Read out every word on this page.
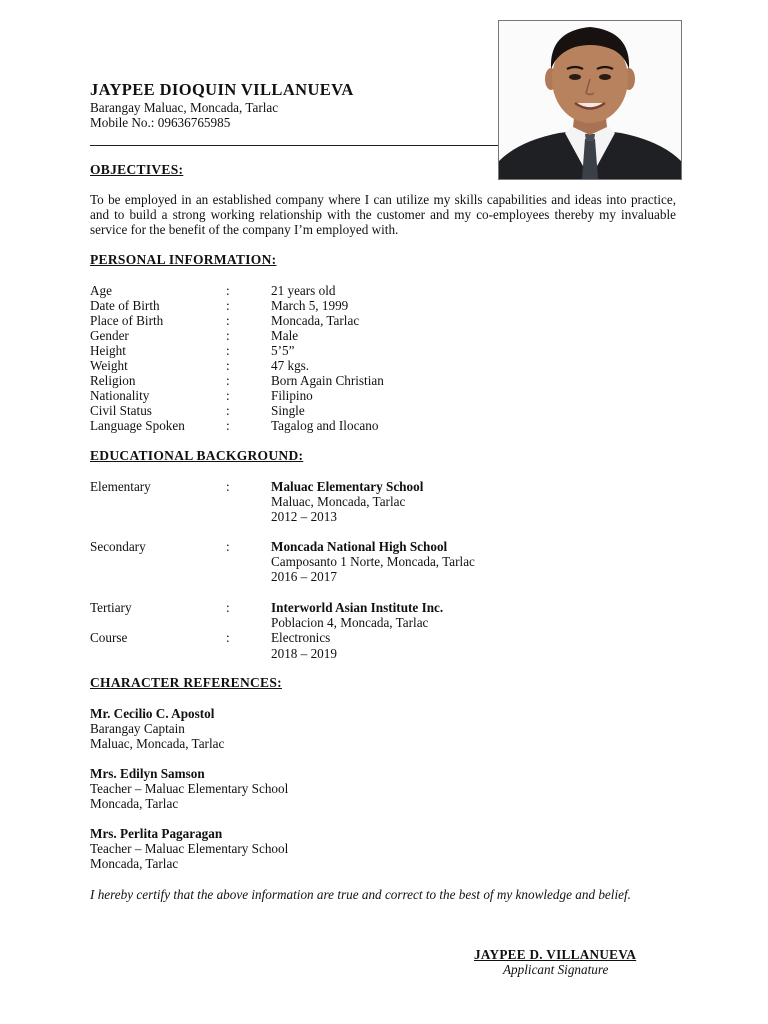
JAYPEE DIOQUIN VILLANUEVA
Barangay Maluac, Moncada, Tarlac
Mobile No.: 09636765985
OBJECTIVES:
To be employed in an established company where I can utilize my skills capabilities and ideas into practice, and to build a strong working relationship with the customer and my co-employees thereby my invaluable service for the benefit of the company I’m employed with.
PERSONAL INFORMATION:
Age	:	21 years old
Date of Birth	:	March 5, 1999
Place of Birth	:	Moncada, Tarlac
Gender	:	Male
Height	:	5’5”
Weight	:	47 kgs.
Religion	:	Born Again Christian
Nationality	:	Filipino
Civil Status	:	Single
Language Spoken	:	Tagalog and Ilocano
EDUCATIONAL BACKGROUND:
Elementary	:	Maluac Elementary School
Maluac, Moncada, Tarlac
2012 – 2013
Secondary	:	Moncada National High School
Camposanto 1 Norte, Moncada, Tarlac
2016 – 2017
Tertiary	:	Interworld Asian Institute Inc.
Poblacion 4, Moncada, Tarlac
Course	:	Electronics
2018 – 2019
CHARACTER REFERENCES:
Mr. Cecilio C. Apostol
Barangay Captain
Maluac, Moncada, Tarlac
Mrs. Edilyn Samson
Teacher – Maluac Elementary School
Moncada, Tarlac
Mrs. Perlita Pagaragan
Teacher – Maluac Elementary School
Moncada, Tarlac
I hereby certify that the above information are true and correct to the best of my knowledge and belief.
JAYPEE D. VILLANUEVA
Applicant Signature
